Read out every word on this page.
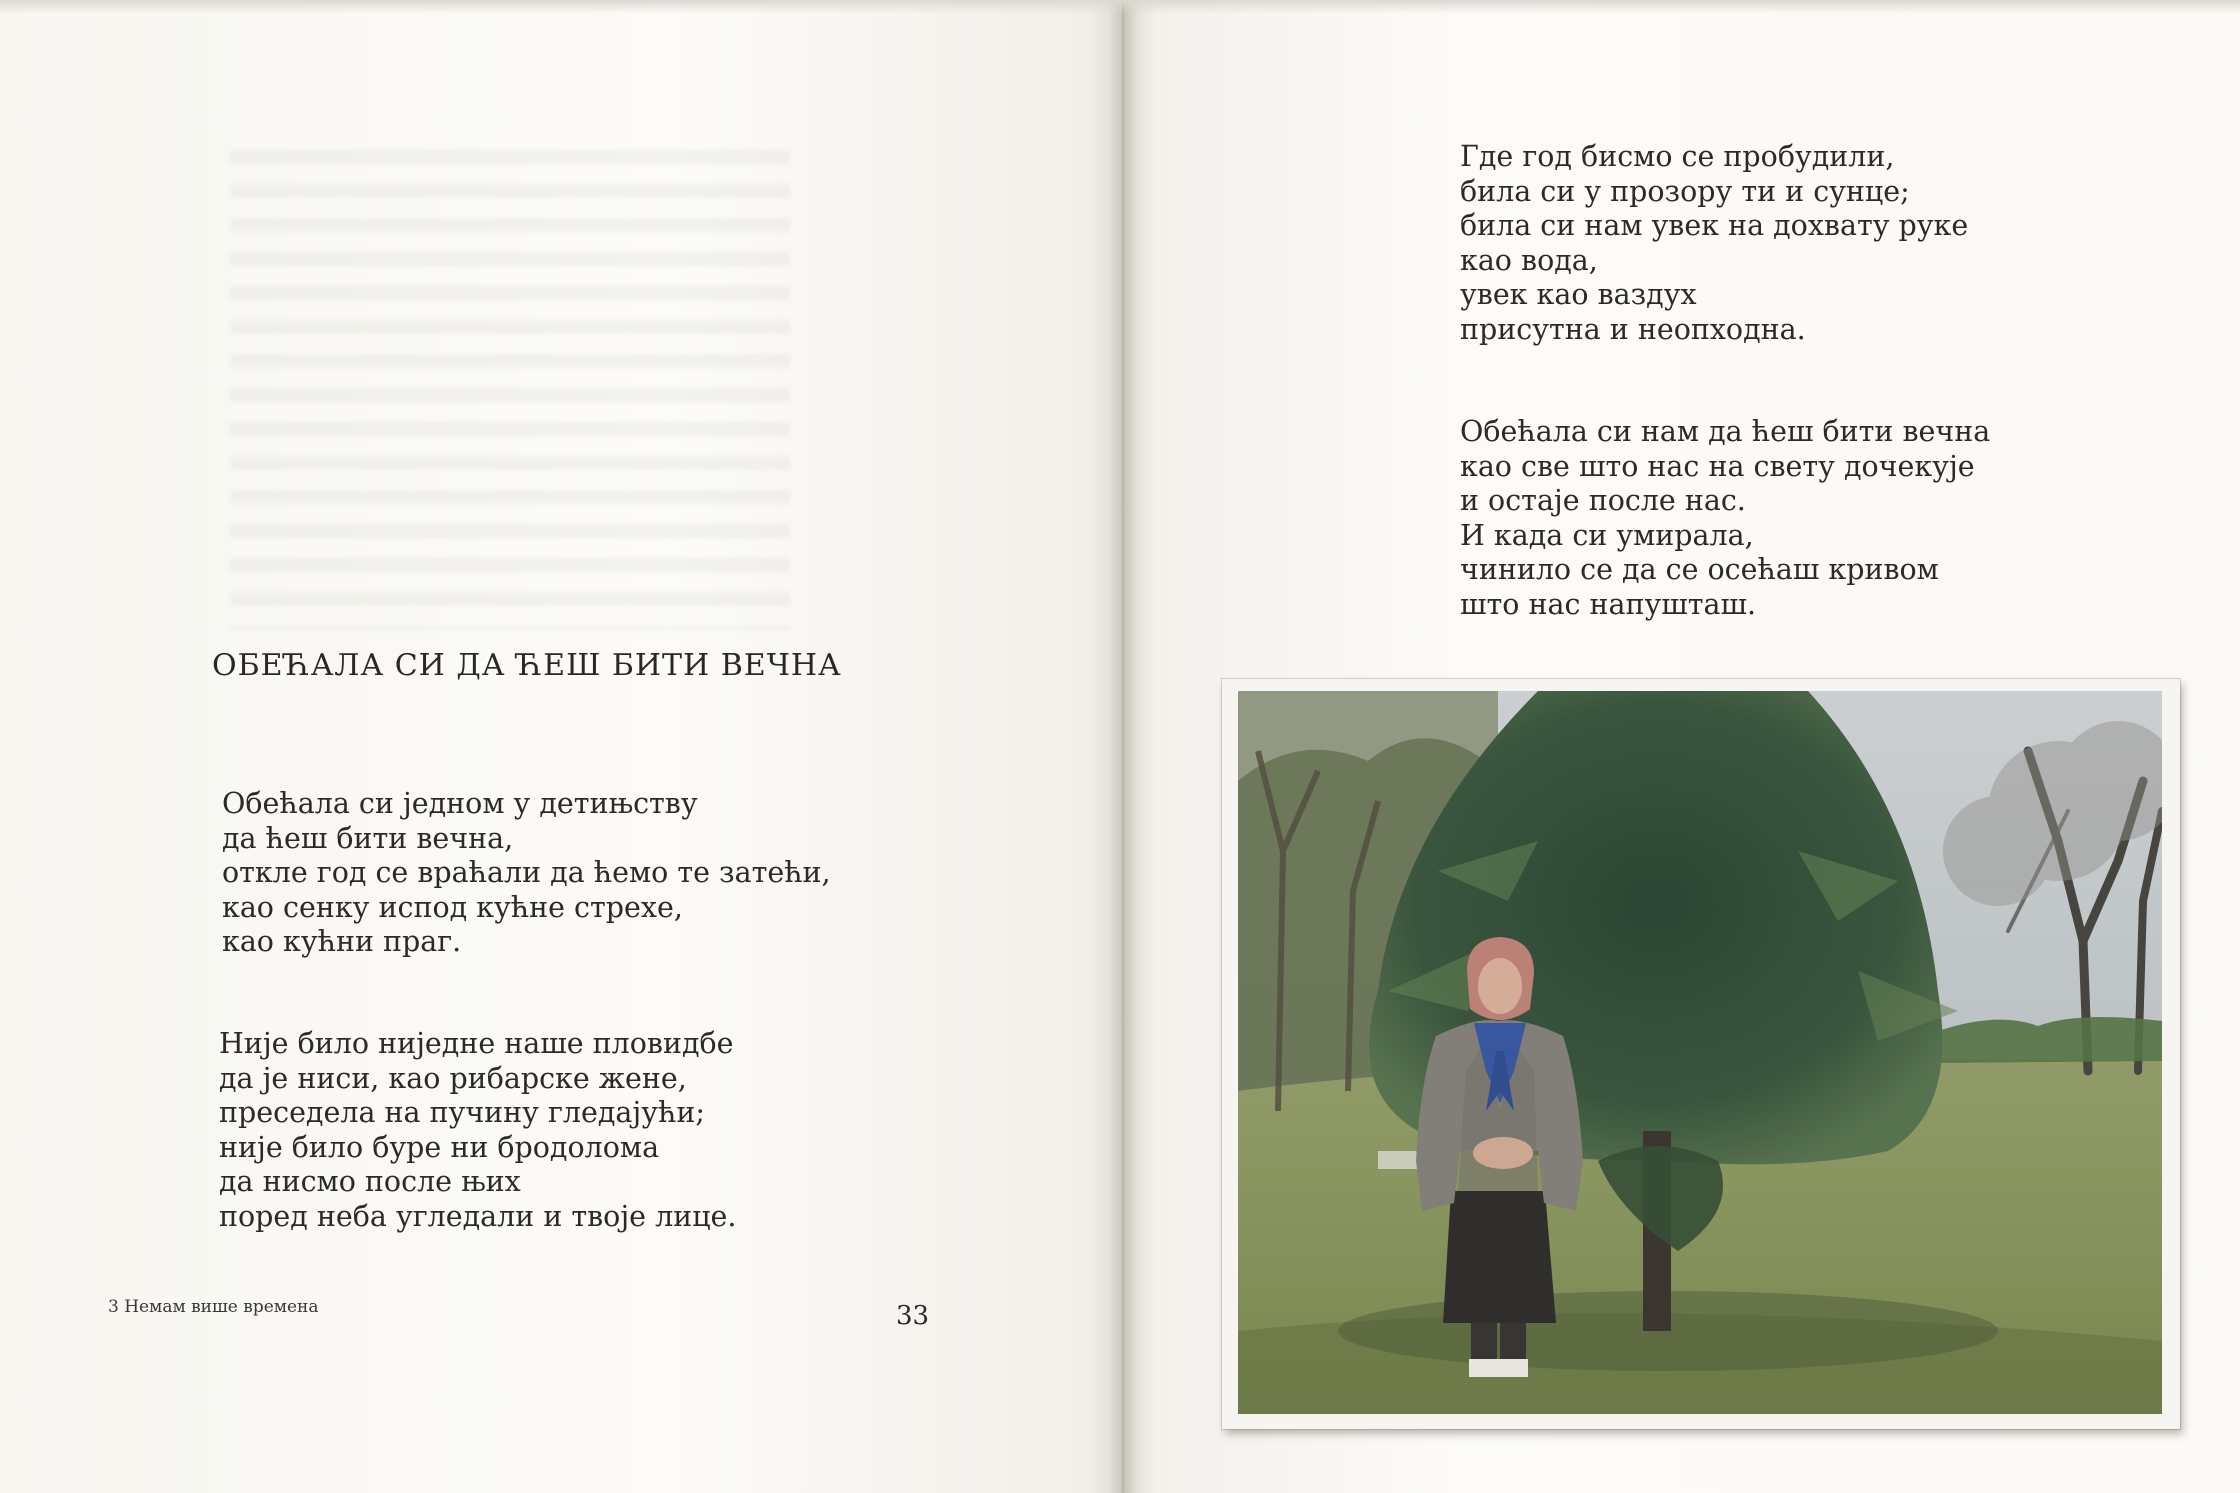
ОБЕЋАЛА СИ ДА ЋЕШ БИТИ ВЕЧНА
Обећала си једном у детињству
да ћеш бити вечна,
откле год се враћали да ћемо те затећи,
као сенку испод кућне стрехе,
као кућни праг.
Није било ниједне наше пловидбе
да је ниси, као рибарске жене,
преседела на пучину гледајући;
није било буре ни бродолома
да нисмо после њих
поред неба угледали и твоје лице.
3 Немам више времена	33
Где год бисмо се пробудили,
била си у прозору ти и сунце;
била си нам увек на дохвату руке
као вода,
увек као ваздух
присутна и неопходна.
Обећала си нам да ћеш бити вечна
као све што нас на свету дочекује
и остаје после нас.
И када си умирала,
чинило се да се осећаш кривом
што нас напушташ.
